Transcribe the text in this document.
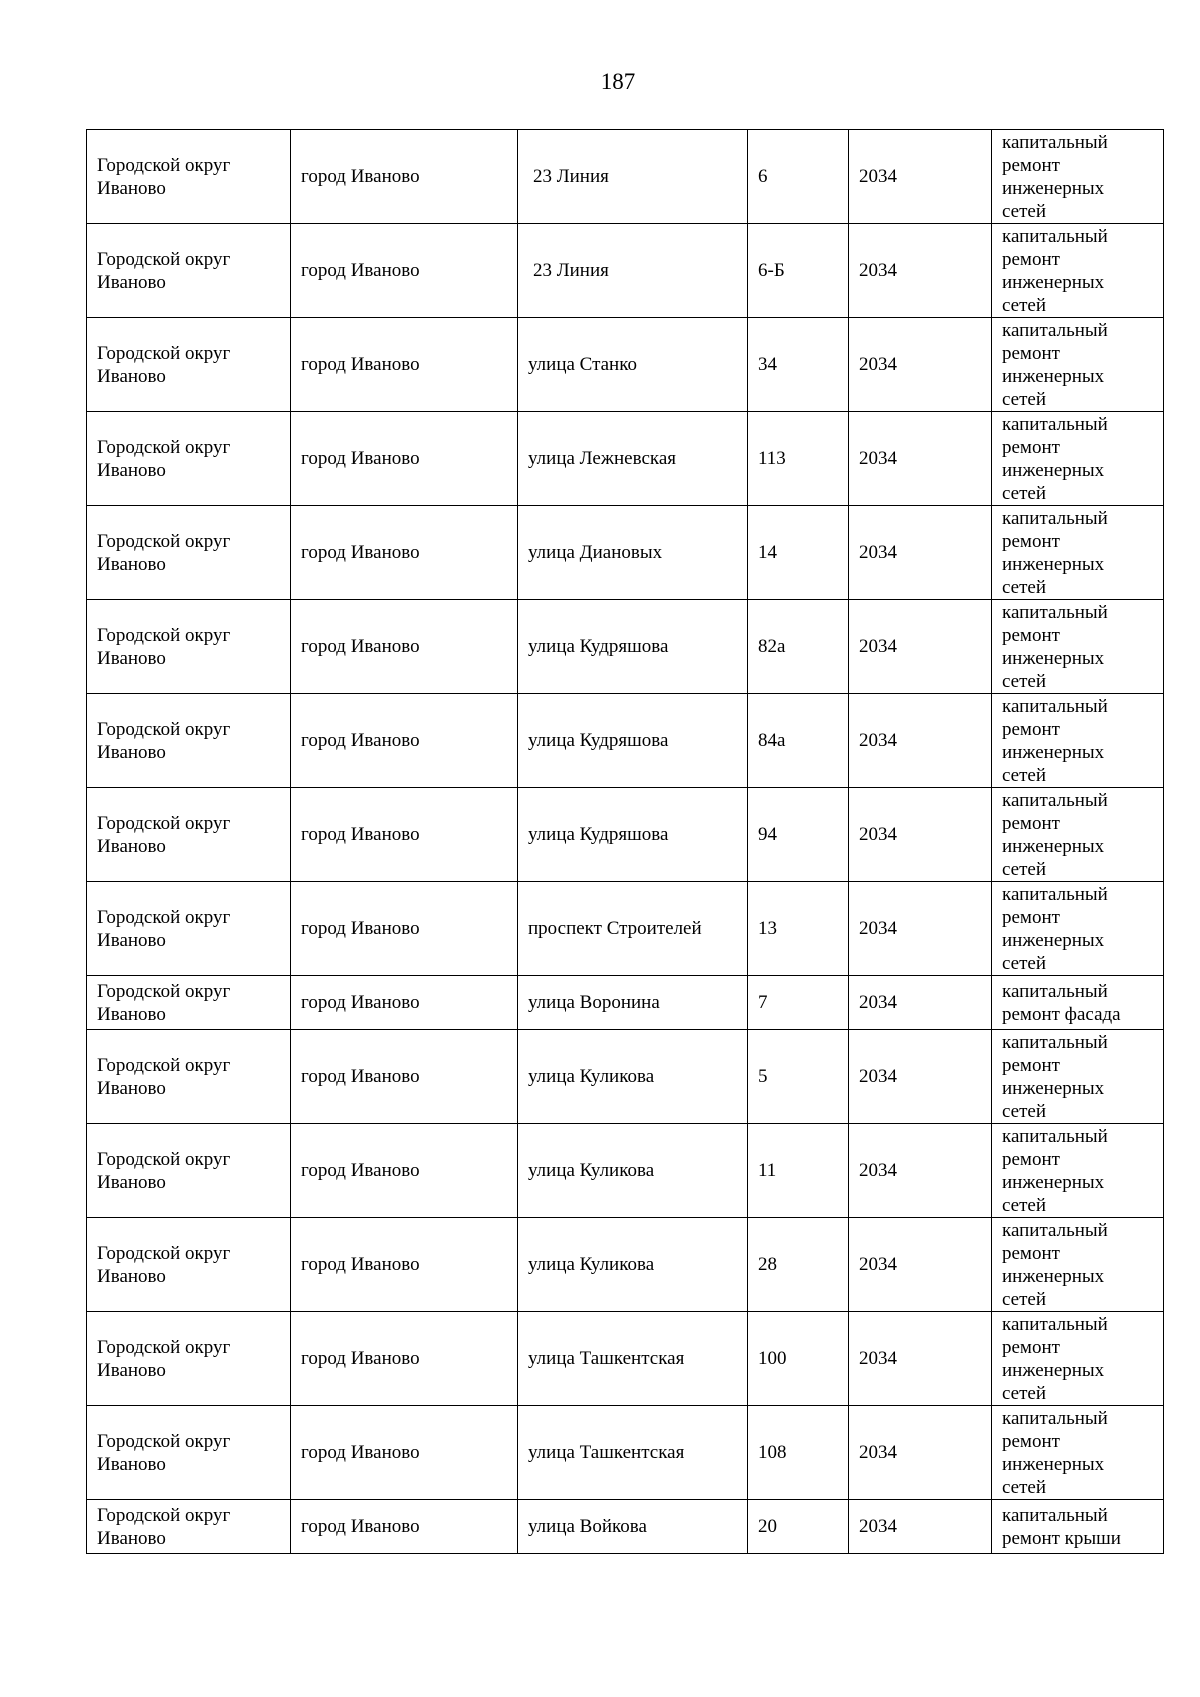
187
Городской округ Иваново	город Иваново	23 Линия	6	2034	капитальный ремонт инженерных сетей

Городской округ Иваново	город Иваново	23 Линия	6-Б	2034	капитальный ремонт инженерных сетей

Городской округ Иваново	город Иваново	улица Станко	34	2034	капитальный ремонт инженерных сетей

Городской округ Иваново	город Иваново	улица Лежневская	113	2034	капитальный ремонт инженерных сетей

Городской округ Иваново	город Иваново	улица Диановых	14	2034	капитальный ремонт инженерных сетей

Городской округ Иваново	город Иваново	улица Кудряшова	82а	2034	капитальный ремонт инженерных сетей

Городской округ Иваново	город Иваново	улица Кудряшова	84а	2034	капитальный ремонт инженерных сетей

Городской округ Иваново	город Иваново	улица Кудряшова	94	2034	капитальный ремонт инженерных сетей

Городской округ Иваново	город Иваново	проспект Строителей	13	2034	капитальный ремонт инженерных сетей

Городской округ Иваново	город Иваново	улица Воронина	7	2034	капитальный ремонт фасада

Городской округ Иваново	город Иваново	улица Куликова	5	2034	капитальный ремонт инженерных сетей

Городской округ Иваново	город Иваново	улица Куликова	11	2034	капитальный ремонт инженерных сетей

Городской округ Иваново	город Иваново	улица Куликова	28	2034	капитальный ремонт инженерных сетей

Городской округ Иваново	город Иваново	улица Ташкентская	100	2034	капитальный ремонт инженерных сетей

Городской округ Иваново	город Иваново	улица Ташкентская	108	2034	капитальный ремонт инженерных сетей

Городской округ Иваново	город Иваново	улица Войкова	20	2034	капитальный ремонт крыши
